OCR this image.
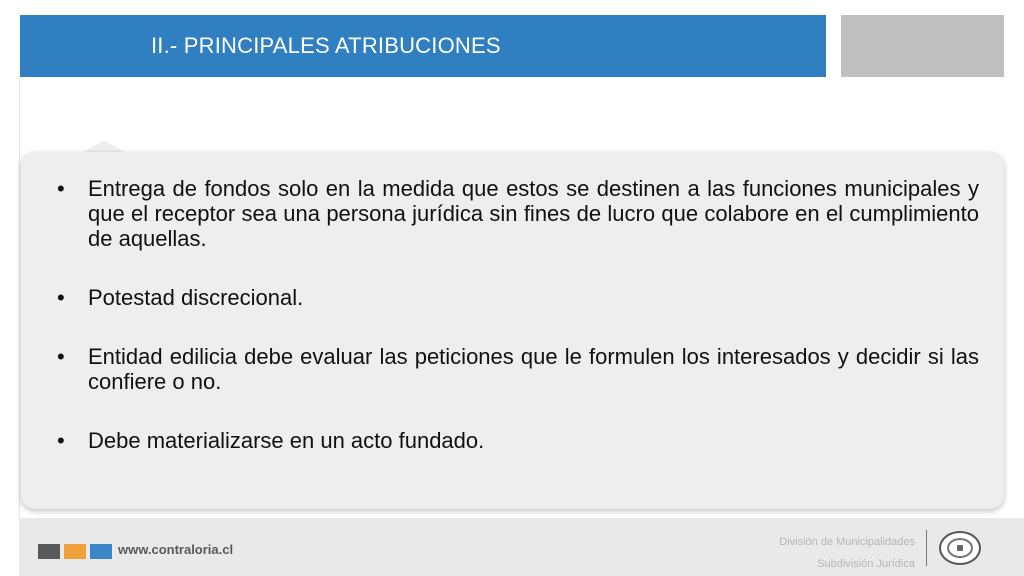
II.- PRINCIPALES ATRIBUCIONES
• Entrega de fondos solo en la medida que estos se destinen a las funciones municipales y que el receptor sea una persona jurídica sin fines de lucro que colabore en el cumplimiento de aquellas.
• Potestad discrecional.
• Entidad edilicia debe evaluar las peticiones que le formulen los interesados y decidir si las confiere o no.
• Debe materializarse en un acto fundado.
www.contraloria.cl	División de Municipalidades
Subdivisión Jurídica
